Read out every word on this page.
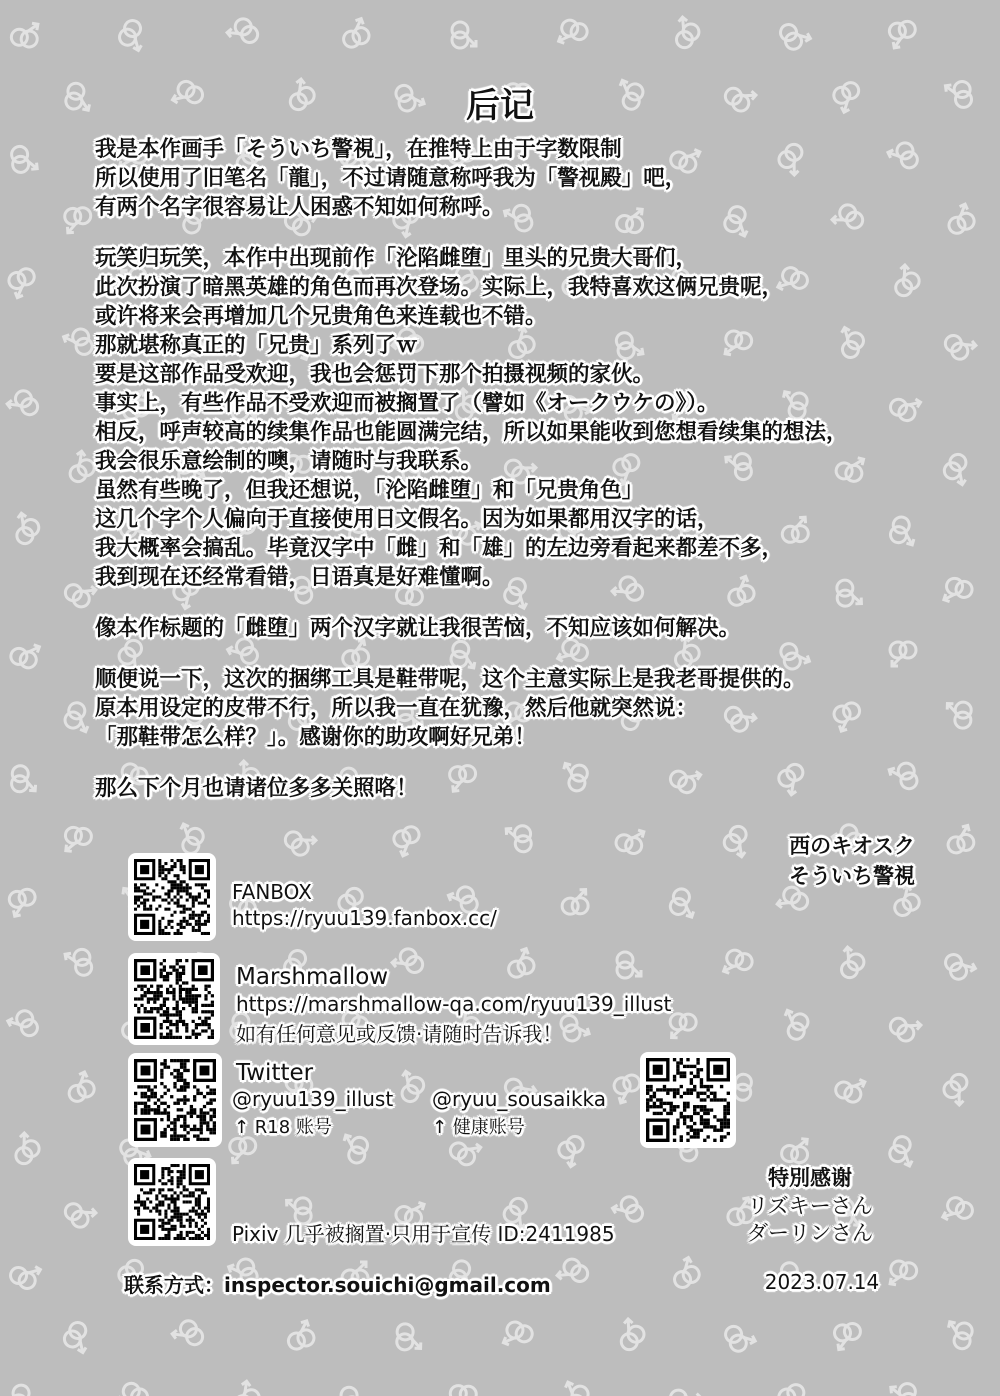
后记
我是本作画手「そういち警視」，在推特上由于字数限制
所以使用了旧笔名「龍」，不过请随意称呼我为「警视殿」吧，
有两个名字很容易让人困惑不知如何称呼。
玩笑归玩笑，本作中出现前作「沦陷雌堕」里头的兄贵大哥们，
此次扮演了暗黑英雄的角色而再次登场。实际上，我特喜欢这俩兄贵呢，
或许将来会再增加几个兄贵角色来连载也不错。
那就堪称真正的「兄贵」系列了ｗ
要是这部作品受欢迎，我也会惩罚下那个拍摄视频的家伙。
事实上，有些作品不受欢迎而被搁置了（譬如《オークウケの》）。
相反，呼声较高的续集作品也能圆满完结，所以如果能收到您想看续集的想法，
我会很乐意绘制的噢，请随时与我联系。
虽然有些晚了，但我还想说，「沦陷雌堕」和「兄贵角色」
这几个字个人偏向于直接使用日文假名。因为如果都用汉字的话，
我大概率会搞乱。毕竟汉字中「雌」和「雄」的左边旁看起来都差不多，
我到现在还经常看错，日语真是好难懂啊。
像本作标题的「雌堕」两个汉字就让我很苦恼，不知应该如何解决。
顺便说一下，这次的捆绑工具是鞋带呢，这个主意实际上是我老哥提供的。
原本用设定的皮带不行，所以我一直在犹豫，然后他就突然说：
「那鞋带怎么样？」。感谢你的助攻啊好兄弟！
那么下个月也请诸位多多关照咯！
FANBOX
https://ryuu139.fanbox.cc/
Marshmallow
https://marshmallow-qa.com/ryuu139_illust
如有任何意见或反馈·请随时告诉我！
Twitter
@ryuu139_illust
↑ R18 账号
@ryuu_sousaikka
↑ 健康账号
Pixiv 几乎被搁置·只用于宣传 ID:2411985
联系方式：inspector.souichi@gmail.com
西のキオスク
そういち警視
特別感谢
リズキーさん
ダーリンさん
2023.07.14
